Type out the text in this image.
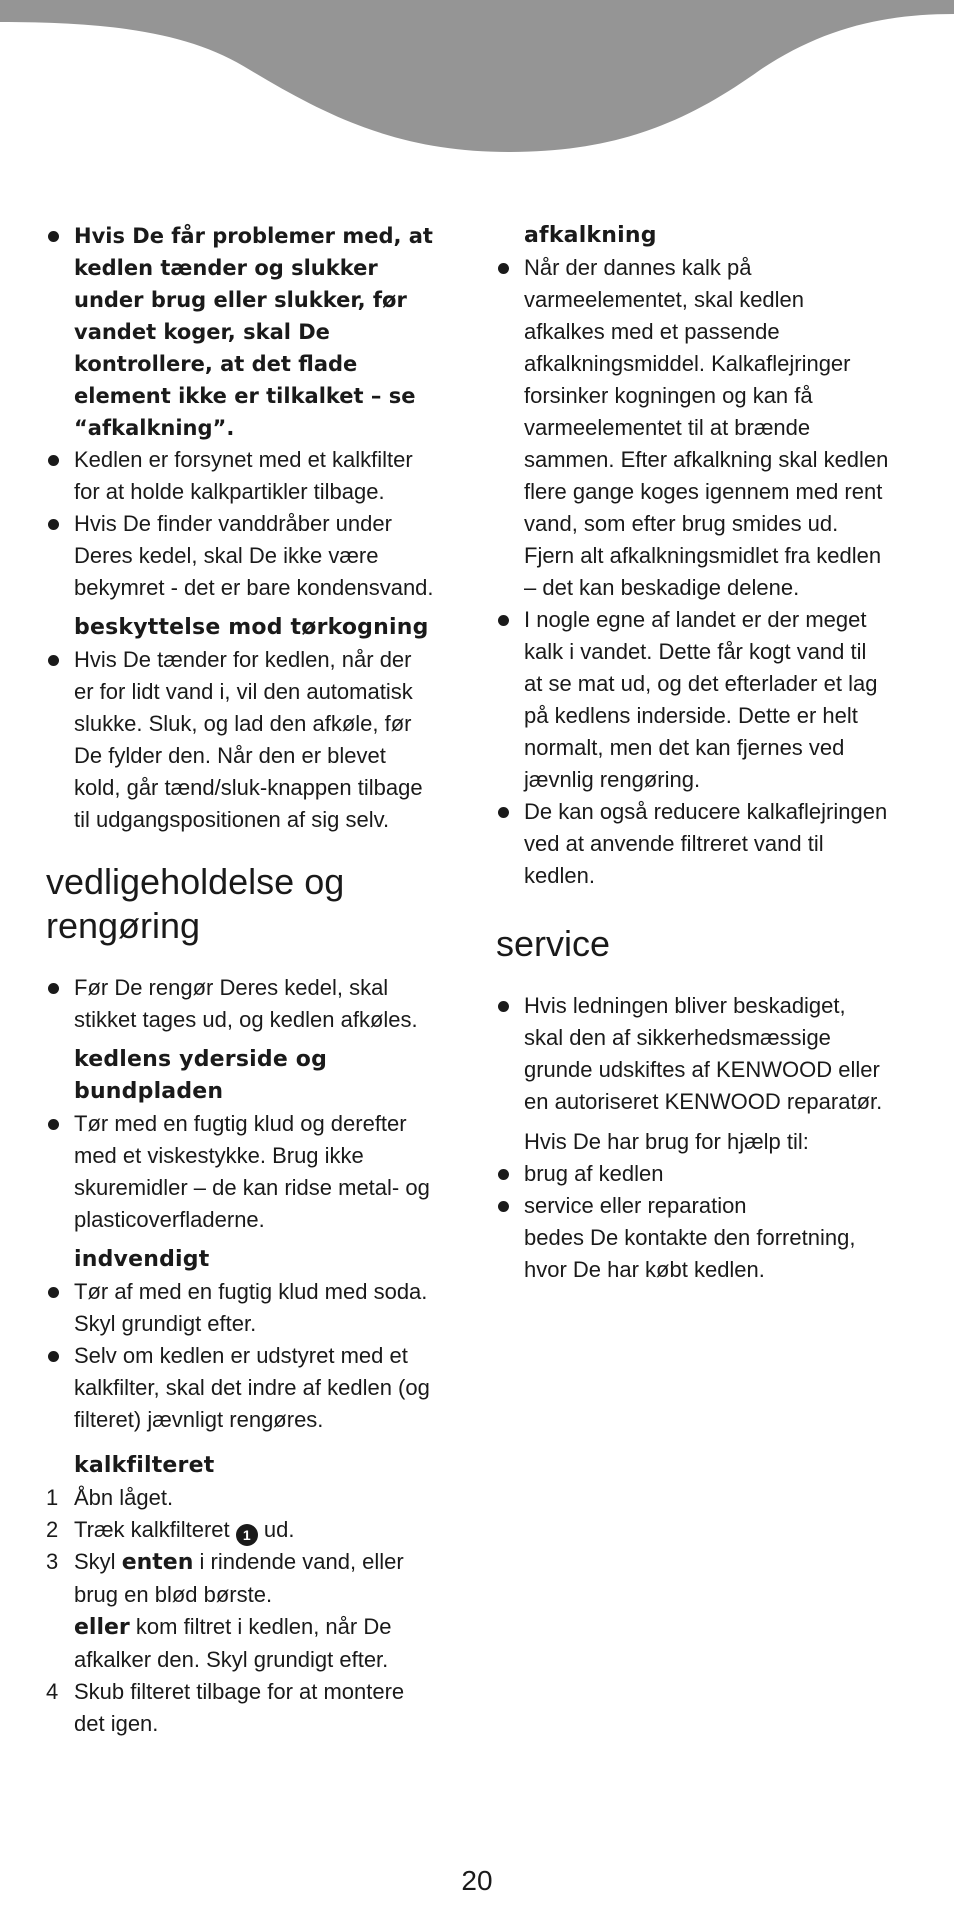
Hvis De får problemer med, at
kedlen tænder og slukker
under brug eller slukker, før
vandet koger, skal De
kontrollere, at det flade
element ikke er tilkalket – se
“afkalkning”.
Kedlen er forsynet med et kalkfilter
for at holde kalkpartikler tilbage.
Hvis De finder vanddråber under
Deres kedel, skal De ikke være
bekymret - det er bare kondensvand.
beskyttelse mod tørkogning
Hvis De tænder for kedlen, når der
er for lidt vand i, vil den automatisk
slukke. Sluk, og lad den afkøle, før
De fylder den. Når den er blevet
kold, går tænd/sluk-knappen tilbage
til udgangspositionen af sig selv.
vedligeholdelse og
rengøring
Før De rengør Deres kedel, skal
stikket tages ud, og kedlen afkøles.
kedlens yderside og
bundpladen
Tør med en fugtig klud og derefter
med et viskestykke. Brug ikke
skuremidler – de kan ridse metal- og
plasticoverfladerne.
indvendigt
Tør af med en fugtig klud med soda.
Skyl grundigt efter.
Selv om kedlen er udstyret med et
kalkfilter, skal det indre af kedlen (og
filteret) jævnligt rengøres.
kalkfilteret
1 Åbn låget.
2 Træk kalkfilteret 1 ud.
3 Skyl enten i rindende vand, eller
brug en blød børste.
eller kom filtret i kedlen, når De
afkalker den. Skyl grundigt efter.
4 Skub filteret tilbage for at montere
det igen.
afkalkning
Når der dannes kalk på
varmeelementet, skal kedlen
afkalkes med et passende
afkalkningsmiddel. Kalkaflejringer
forsinker kogningen og kan få
varmeelementet til at brænde
sammen. Efter afkalkning skal kedlen
flere gange koges igennem med rent
vand, som efter brug smides ud.
Fjern alt afkalkningsmidlet fra kedlen
– det kan beskadige delene.
I nogle egne af landet er der meget
kalk i vandet. Dette får kogt vand til
at se mat ud, og det efterlader et lag
på kedlens inderside. Dette er helt
normalt, men det kan fjernes ved
jævnlig rengøring.
De kan også reducere kalkaflejringen
ved at anvende filtreret vand til
kedlen.
service
Hvis ledningen bliver beskadiget,
skal den af sikkerhedsmæssige
grunde udskiftes af KENWOOD eller
en autoriseret KENWOOD reparatør.
Hvis De har brug for hjælp til:
brug af kedlen
service eller reparation
bedes De kontakte den forretning,
hvor De har købt kedlen.
20
